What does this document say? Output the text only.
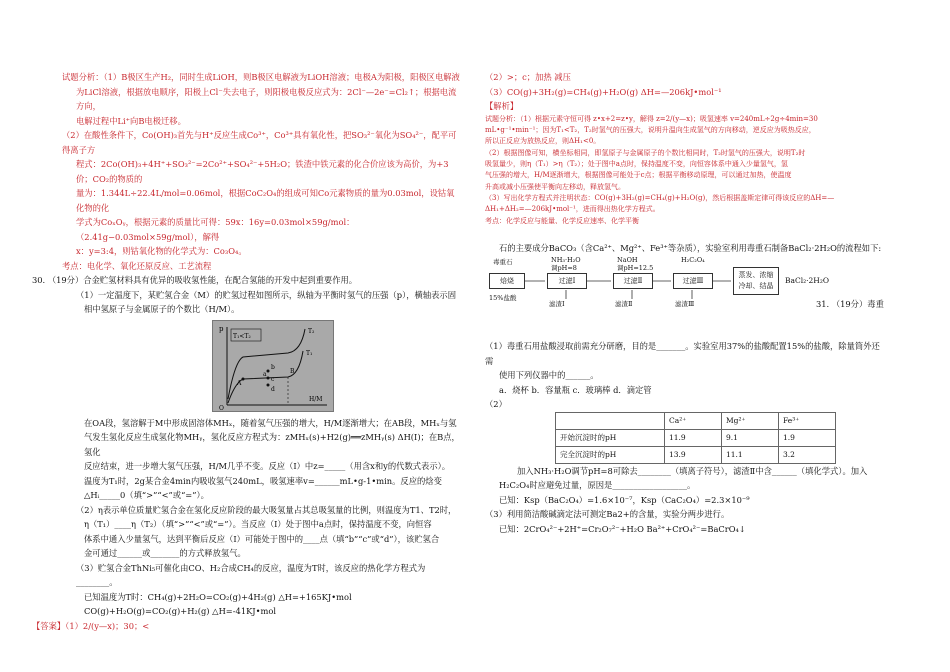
试题分析：（1）B极区生产H₂，同时生成LiOH，则B极区电解液为LiOH溶液；电极A为阳极，阳极区电解液

为LiCl溶液，根据放电顺序，阳极上Cl⁻失去电子，则阳极电极反应式为：2Cl⁻—2e⁻=Cl₂↑；根据电流方向，

电解过程中Li⁺向B电极迁移。

（2）在酸性条件下，Co(OH)₃首先与H⁺反应生成Co³⁺，Co³⁺具有氧化性，把SO₃²⁻氧化为SO₄²⁻，配平可得离子方

程式：2Co(OH)₃+4H⁺+SO₃²⁻=2Co²⁺+SO₄²⁻+5H₂O；铁渣中铁元素的化合价应该为高价，为+3价；CO₂的物质的

量为：1.344L÷22.4L/mol=0.06mol，根据CoC₂O₄的组成可知Co元素物质的量为0.03mol，设钴氧化物的化

学式为CoₓOᵧ，根据元素的质量比可得：59x：16y=0.03mol×59g/mol：（2.41g−0.03mol×59g/mol），解得

x：y=3:4，则钴氧化物的化学式为：Co₃O₄。

考点：电化学、氧化还原反应、工艺流程

30. （19分）合金贮氢材料具有优异的吸收氢性能，在配合氢能的开发中起到重要作用。

（1）一定温度下，某贮氢合金（M）的贮氢过程如图所示，纵轴为平衡时氢气的压强（p），横轴表示固

相中氢原子与金属原子的个数比（H/M）。

p
H/M
O
T₁<T₂
T₂
T₁
a
b
c
d
A
B

在OA段，氢溶解于M中形成固溶体MHₓ，随着氢气压强的增大，H/M逐渐增大；在AB段，MHₓ与氢

气发生氢化反应生成氢化物MHᵧ，氢化反应方程式为：zMHₓ(s)+H2(g)══zMHᵧ(s) ΔH(Ⅰ)；在B点，氢化

反应结束，进一步增大氢气压强，H/M几乎不变。反应（Ⅰ）中z=_____（用含x和y的代数式表示）。

温度为T₁时，2g某合金4min内吸收氢气240mL，吸氢速率v=______mL•g-1•min。反应的焓变

△Hᵢ_____0（填“>”“<”或“=”）。

（2）η表示单位质量贮氢合金在氢化反应阶段的最大吸氢量占其总吸氢量的比例，则温度为T1、T2时，

η（T₁）____η（T₂）（填“>”“<”或“=”）。当反应（Ⅰ）处于图中a点时，保持温度不变，向恒容

体系中通入少量氢气，达到平衡后反应（Ⅰ）可能处于图中的____点（填“b”“c”或“d”），该贮氢合

金可通过______或_______的方式释放氢气。

（3）贮氢合金ThNi₅可催化由CO、H₂合成CH₄的反应，温度为T时，该反应的热化学方程式为________。

已知温度为T时：CH₄(g)+2H₂O=CO₂(g)+4H₂(g) △H=+165KJ•mol

CO(g)+H₂O(g)=CO₂(g)+H₂(g) △H=-41KJ•mol

【答案】（1）2/(y—x)；30；<

（2）>；c；加热 减压

（3）CO(g)+3H₂(g)=CH₄(g)+H₂O(g) ΔH=—206kJ•mol⁻¹

【解析】

试题分析：（1）根据元素守恒可得 z•x+2=z•y，解得 z=2/(y—x)；吸氢速率 v=240mL÷2g÷4min=30

mL•g⁻¹•min⁻¹；因为T₁<T₂，T₂时氢气的压强大，说明升温向生成氢气的方向移动，逆反应为吸热反应，

所以正反应为放热反应，则ΔH₁<0。

（2）根据图像可知，横坐标相同，即氢原子与金属原子的个数比相同时，T₂时氢气的压强大，说明T₂时

吸氢量少，则η（T₁）>η（T₂）；处于图中a点时，保持温度不变，向恒容体系中通入少量氢气，氢

气压强的增大，H/M逐渐增大，根据图像可能处于c点；根据平衡移动原理，可以通过加热，使温度

升高或减小压强使平衡向左移动，释放氢气。

（3）写出化学方程式并注明状态：CO(g)+3H₂(g)=CH₄(g)+H₂O(g)，然后根据盖斯定律可得该反应的ΔH=—

ΔH₁+ΔH₂=—206kJ•mol⁻¹，进而得出热化学方程式。

考点：化学反应与能量、化学反应速率、化学平衡

石的主要成分BaCO₃（含Ca²⁺、Mg²⁺、Fe³⁺等杂质），实验室利用毒重石制备BaCl₂·2H₂O的流程如下:

毒重石
焙烧
15%盐酸
过滤Ⅰ
滤渣Ⅰ
NH₃·H₂O
过滤Ⅱ
滤渣Ⅱ
NaOH
过滤Ⅲ
滤渣Ⅲ
H₂C₂O₄
蒸发、浓缩
冷却、结晶
BaCl₂·2H₂O
调pH=8	调pH=12.5

（1）毒重石用盐酸浸取前需充分研磨，目的是_______。实验室用37%的盐酸配置15%的盐酸，除量筒外还需

使用下列仪器中的______。

a．烧杯 b．容量瓶 c．玻璃棒 d．滴定管

（2）

	Ca²⁺	Mg²⁺	Fe³⁺
开始沉淀时的pH	11.9	9.1	1.9
完全沉淀时的pH	13.9	11.1	3.2

加入NH₃·H₂O调节pH=8可除去________（填离子符号），滤渣Ⅱ中含______（填化学式）。加入

H₂C₂O₄时应避免过量，原因是__________________。

已知：Ksp（BaC₂O₄）=1.6×10⁻⁷，Ksp（CaC₂O₄）=2.3×10⁻⁹

（3）利用简洁酸碱滴定法可测定Ba2+的含量，实验分两步进行。

已知：2CrO₄²⁻+2H⁺=Cr₂O₇²⁻+H₂O Ba²⁺+CrO₄²⁻=BaCrO₄↓

31. （19分）毒重
